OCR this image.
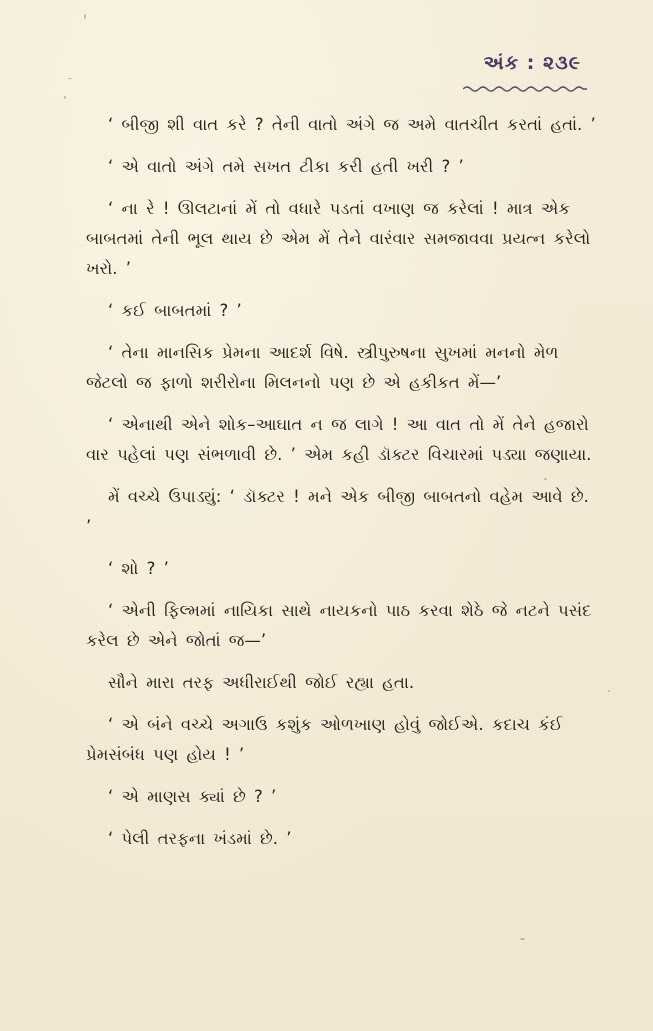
અંક : ૨૩૯

‘ બીજી શી વાત કરે ? તેની વાતો અંગે જ અમે વાતચીત કરતાં હતાં. ’

‘ એ વાતો અંગે તમે સખત ટીકા કરી હતી ખરી ? ’

‘ ના રે ! ઊલટાનાં મેં તો વધારે પડતાં વખાણ જ કરેલાં ! માત્ર એક બાબતમાં તેની ભૂલ થાય છે એમ મેં તેને વારંવાર સમજાવવા પ્રયત્ન કરેલો ખરો. ’

‘ કઈ બાબતમાં ? ’

‘ તેના માનસિક પ્રેમના આદર્શ વિષે. સ્ત્રીપુરુષના સુખમાં મનનો મેળ જેટલો જ ફાળો શરીરોના મિલનનો પણ છે એ હકીકત મેં—’

‘ એનાથી એને શોક–આઘાત ન જ લાગે ! આ વાત તો મેં તેને હજારો વાર પહેલાં પણ સંભળાવી છે. ’ એમ કહી ડૉક્ટર વિચારમાં પડ્યા જણાયા.

મેં વચ્ચે ઉપાડ્યું: ‘ ડૉક્ટર ! મને એક બીજી બાબતનો વહેમ આવે છે. ’

‘ શો ? ’

‘ એની ફિલ્મમાં નાયિકા સાથે નાયકનો પાઠ કરવા શેઠે જે નટને પસંદ કરેલ છે એને જોતાં જ—’

સૌને મારા તરફ અધીરાઈથી જોઈ રહ્યા હતા.

‘ એ બંને વચ્ચે અગાઉ કશુંક ઓળખાણ હોવું જોઈએ. કદાચ કંઈ પ્રેમસંબંધ પણ હોય ! ’

‘ એ માણસ ક્યાં છે ? ’

‘ પેલી તરફના ખંડમાં છે. ’
